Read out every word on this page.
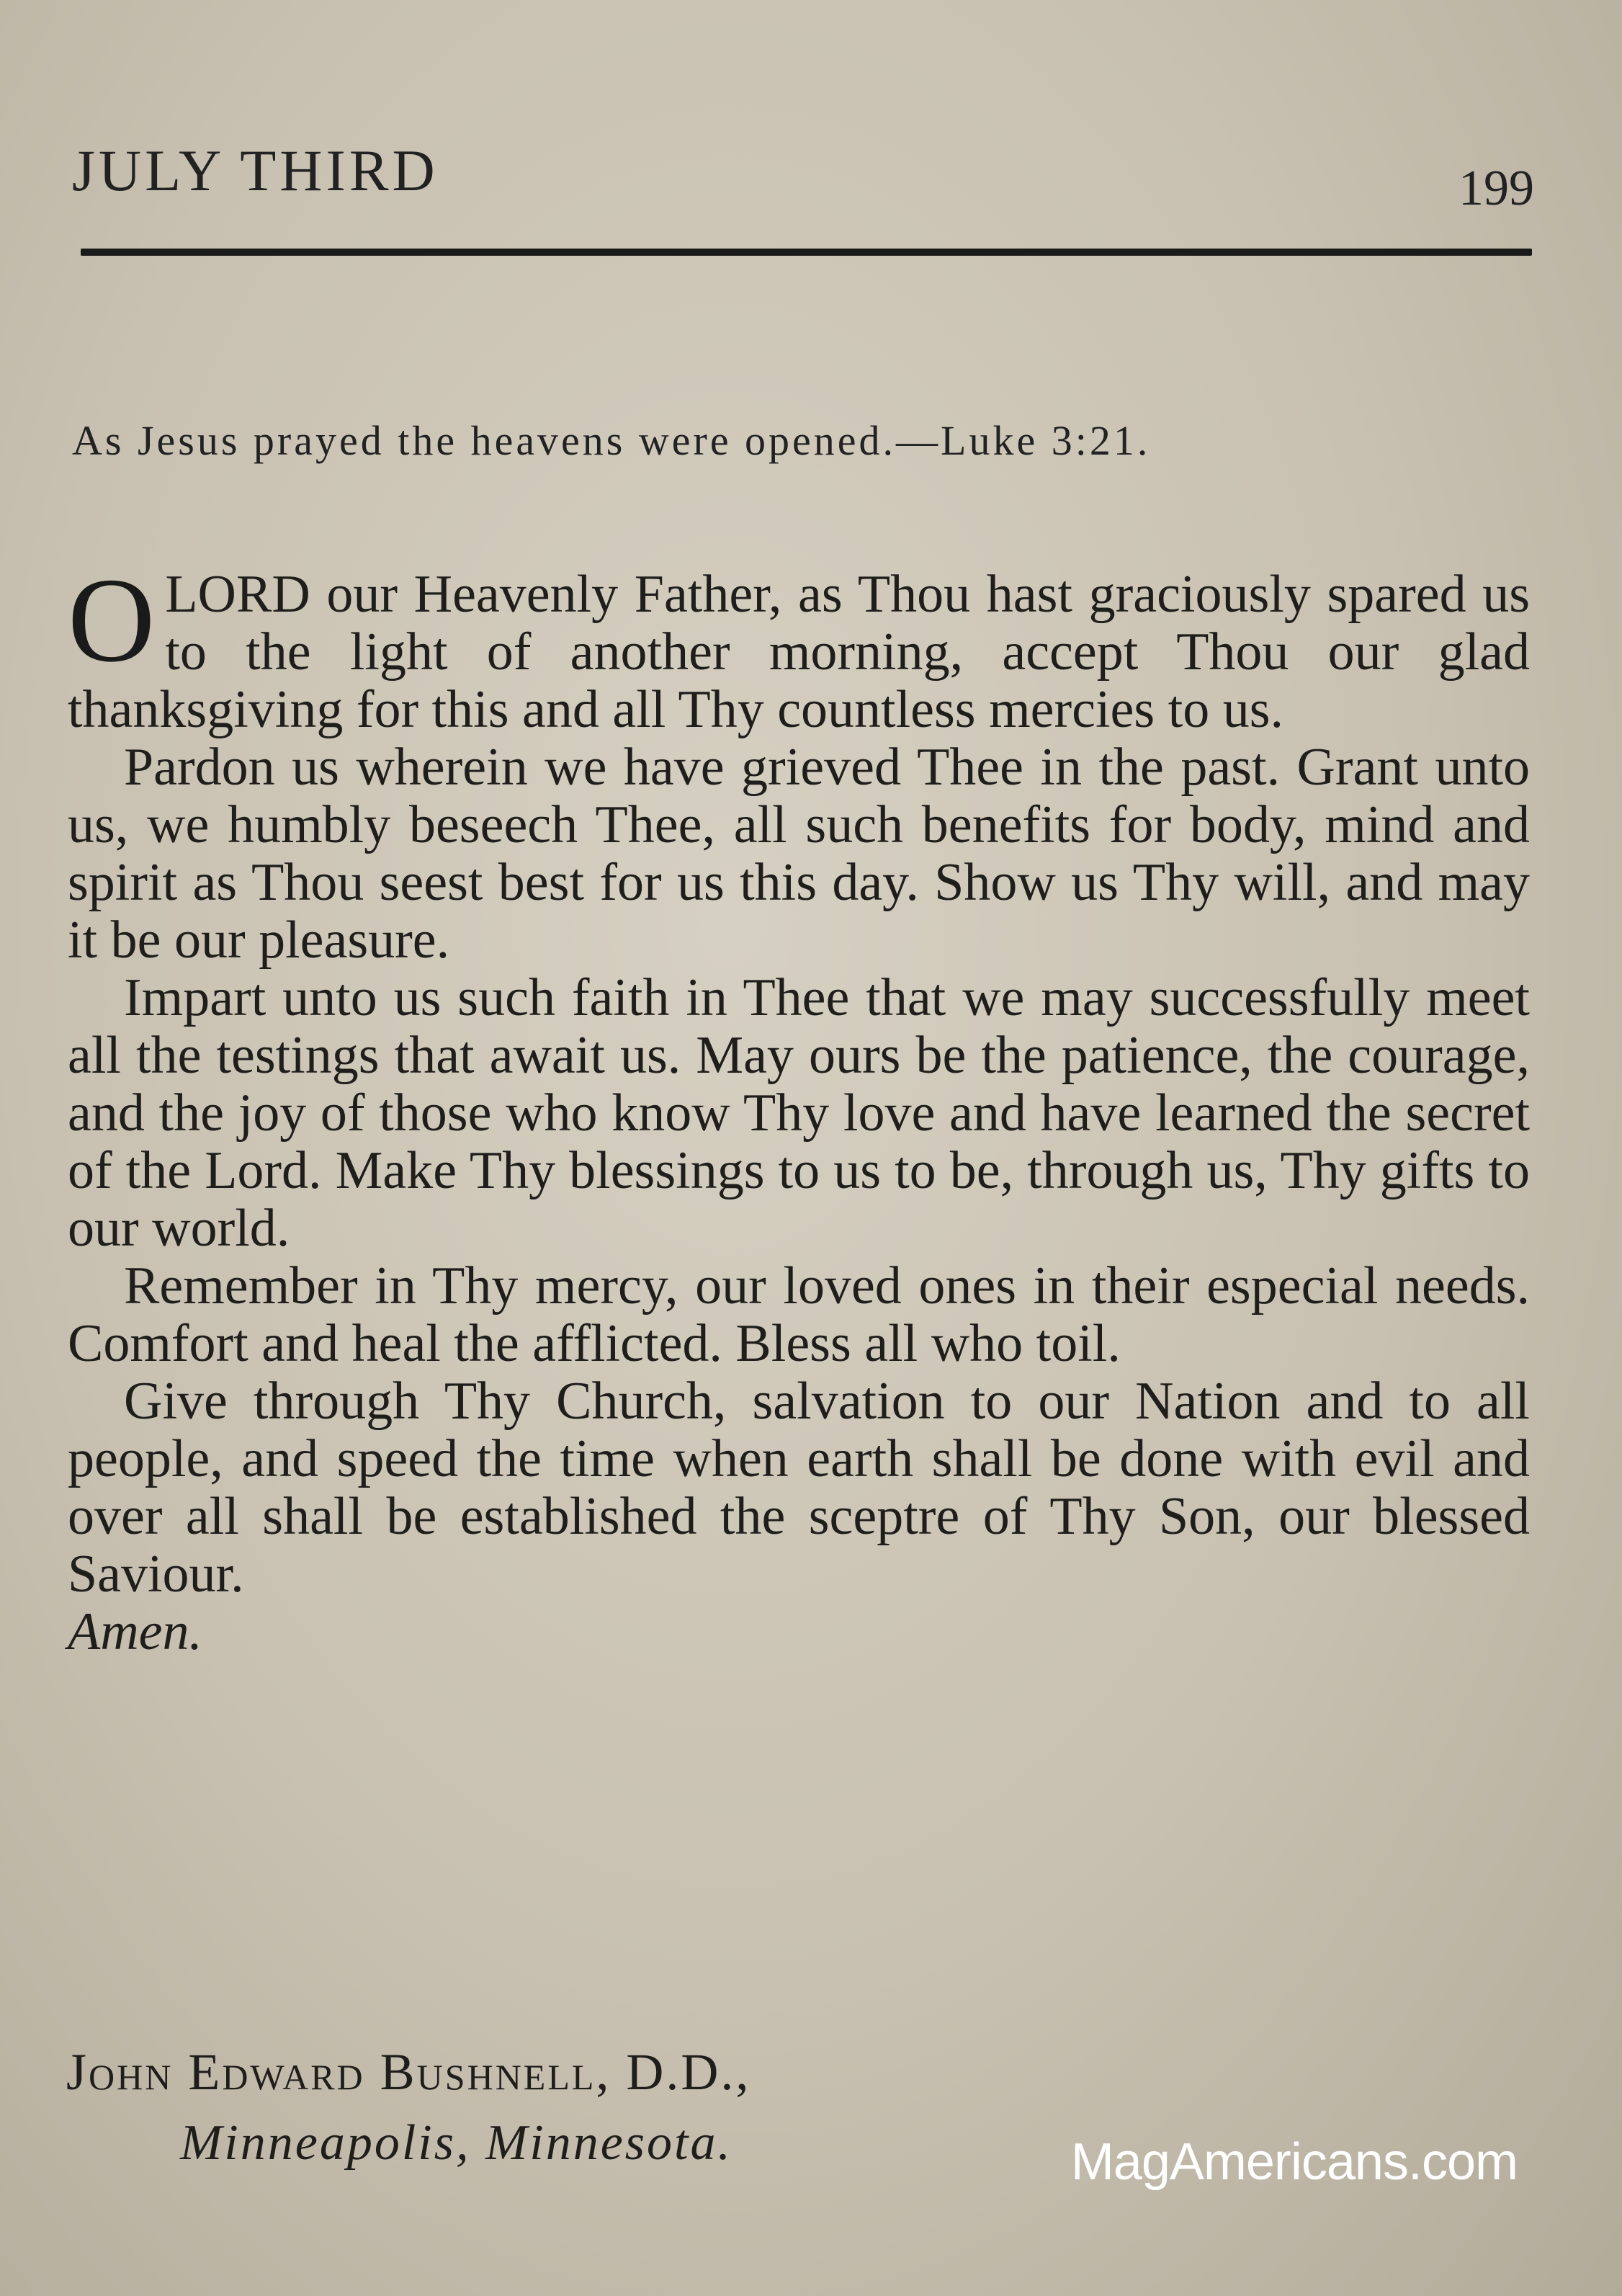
JULY THIRD	199
As Jesus prayed the heavens were opened.—Luke 3:21.

OLORD our Heavenly Father, as Thou hast graciously spared us to the light of another morning, accept Thou our glad thanksgiving for this and all Thy countless mercies to us.

Pardon us wherein we have grieved Thee in the past. Grant unto us, we humbly beseech Thee, all such benefits for body, mind and spirit as Thou seest best for us this day. Show us Thy will, and may it be our pleasure.

Impart unto us such faith in Thee that we may successfully meet all the testings that await us. May ours be the patience, the courage, and the joy of those who know Thy love and have learned the secret of the Lord. Make Thy blessings to us to be, through us, Thy gifts to our world.

Remember in Thy mercy, our loved ones in their especial needs. Comfort and heal the afflicted. Bless all who toil.

Give through Thy Church, salvation to our Nation and to all people, and speed the time when earth shall be done with evil and over all shall be established the sceptre of Thy Son, our blessed Saviour.

Amen.

John Edward Bushnell, D.D.,
Minneapolis, Minnesota.	MagAmericans.com
